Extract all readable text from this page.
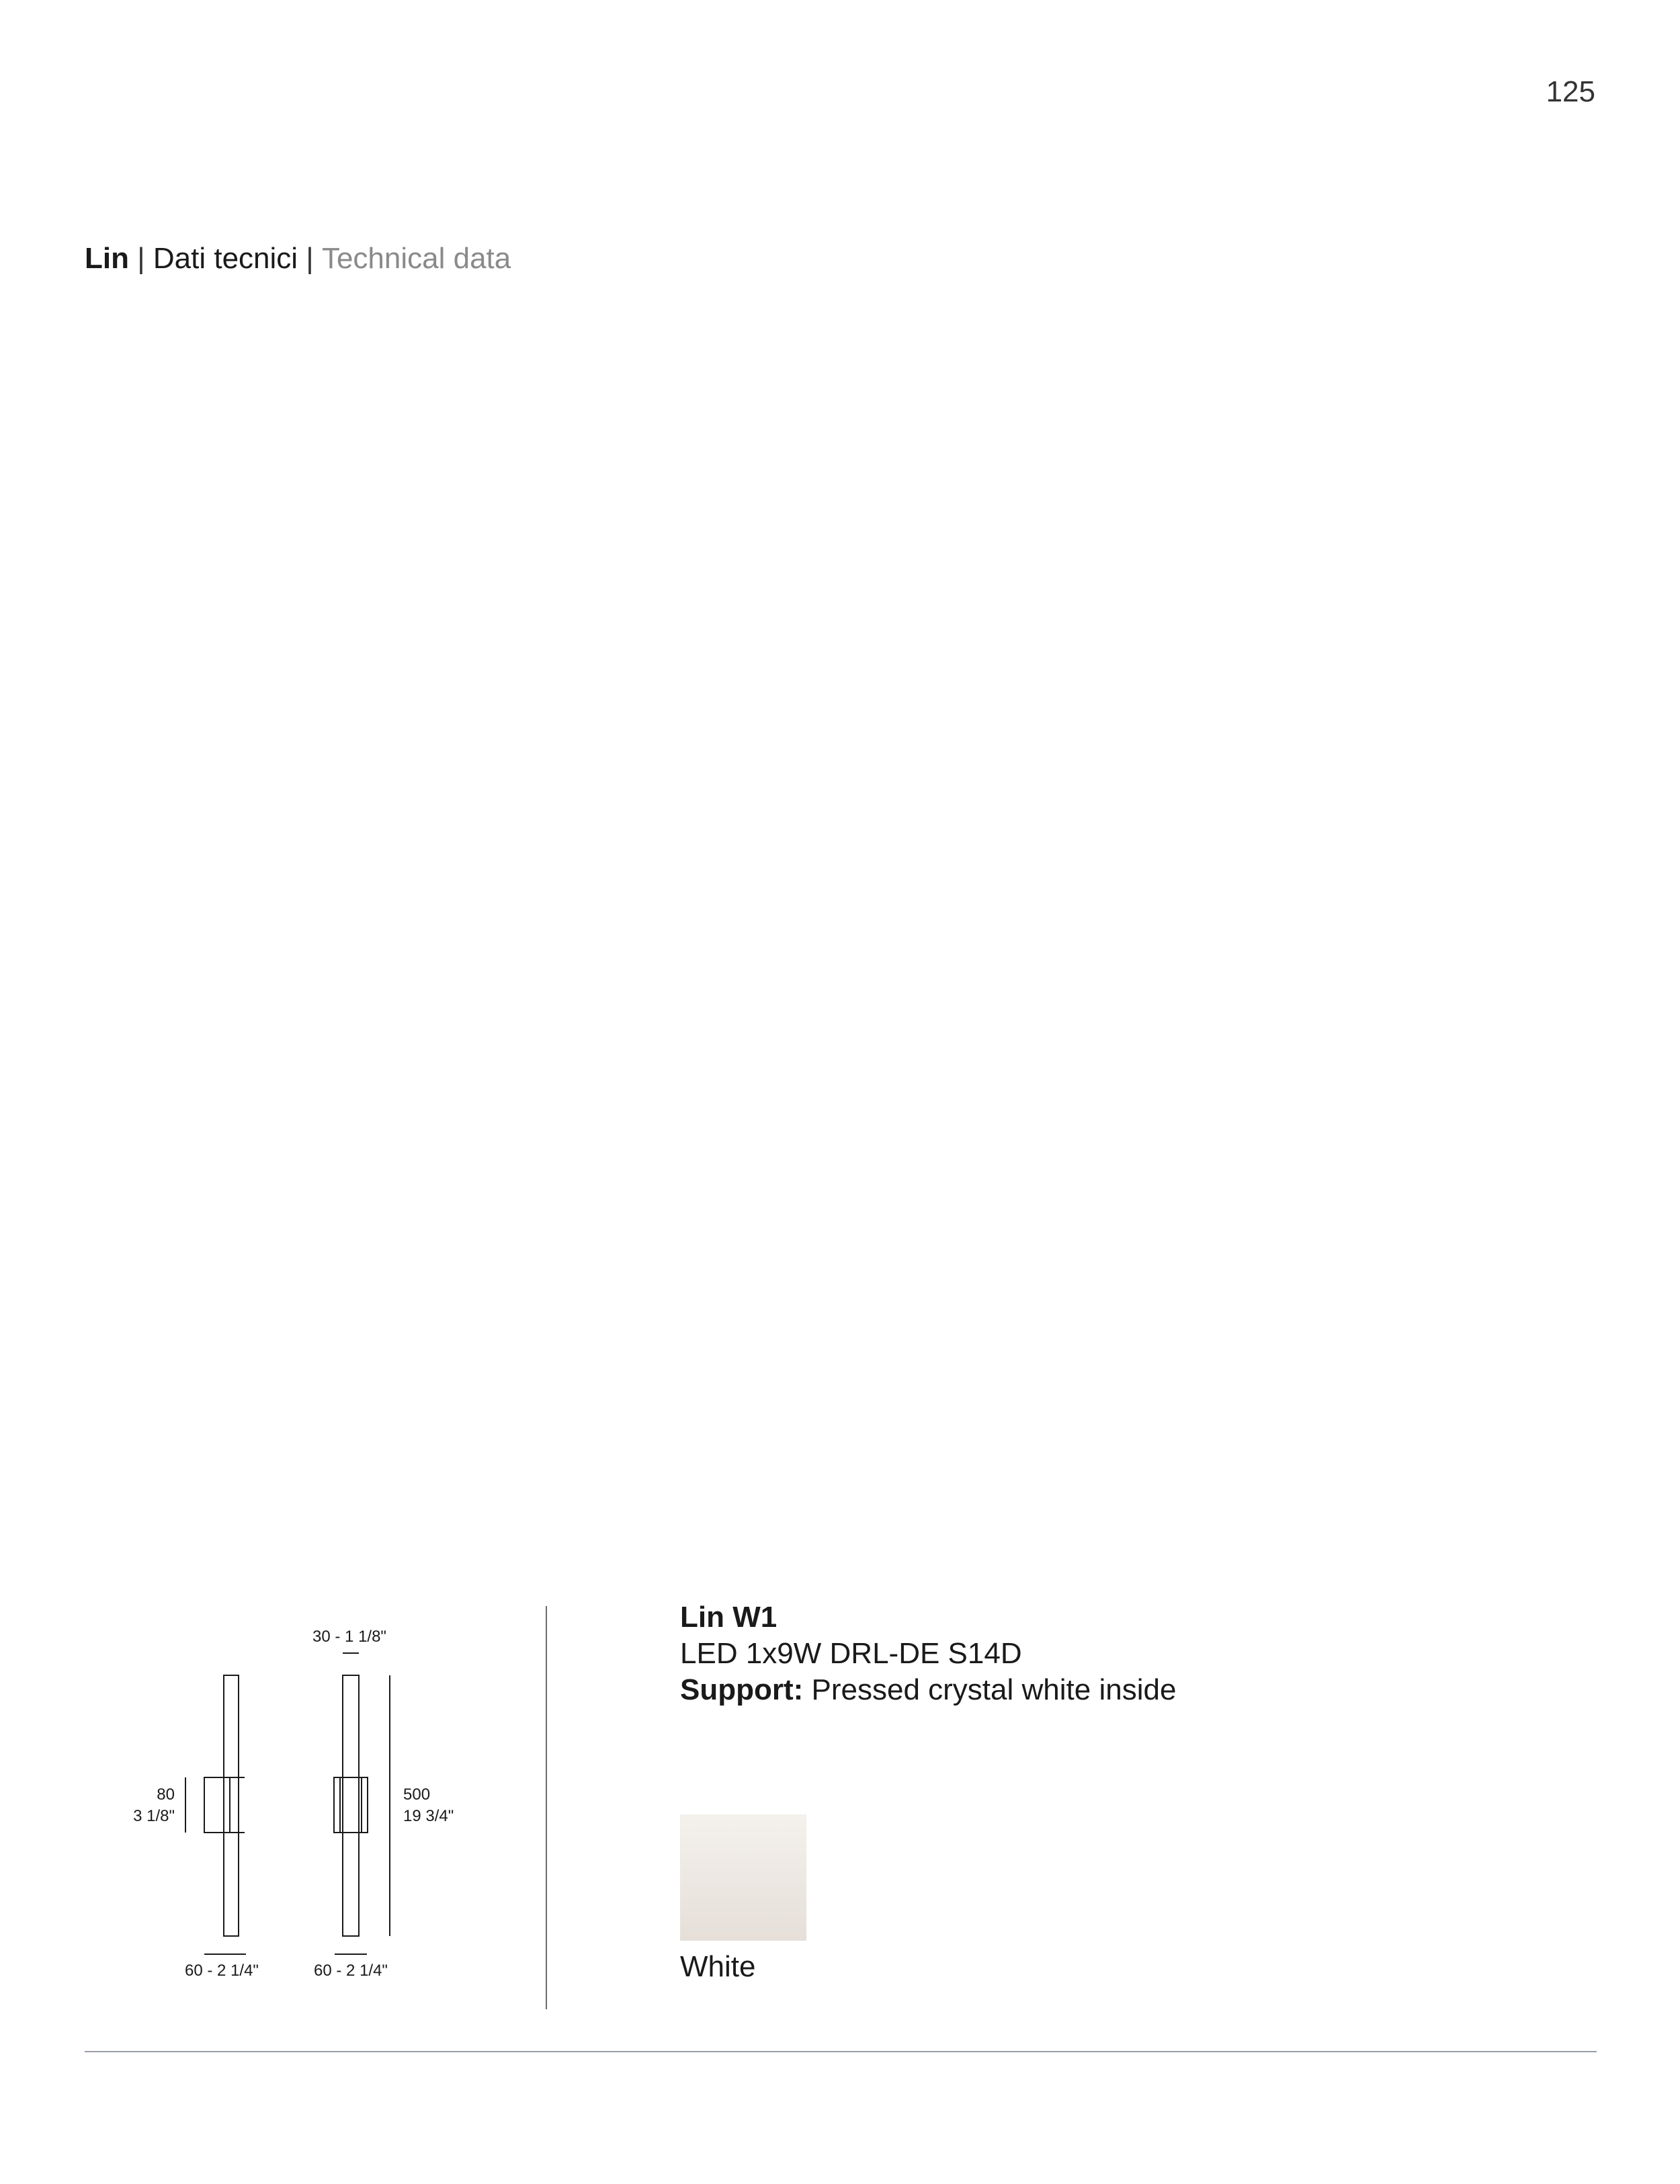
125
Lin | Dati tecnici | Technical data
30 - 1 1/8"
80
3 1/8"
500
19 3/4"
60 - 2 1/4"	60 - 2 1/4"
Lin W1
LED 1x9W DRL-DE S14D
Support: Pressed crystal white inside
White
